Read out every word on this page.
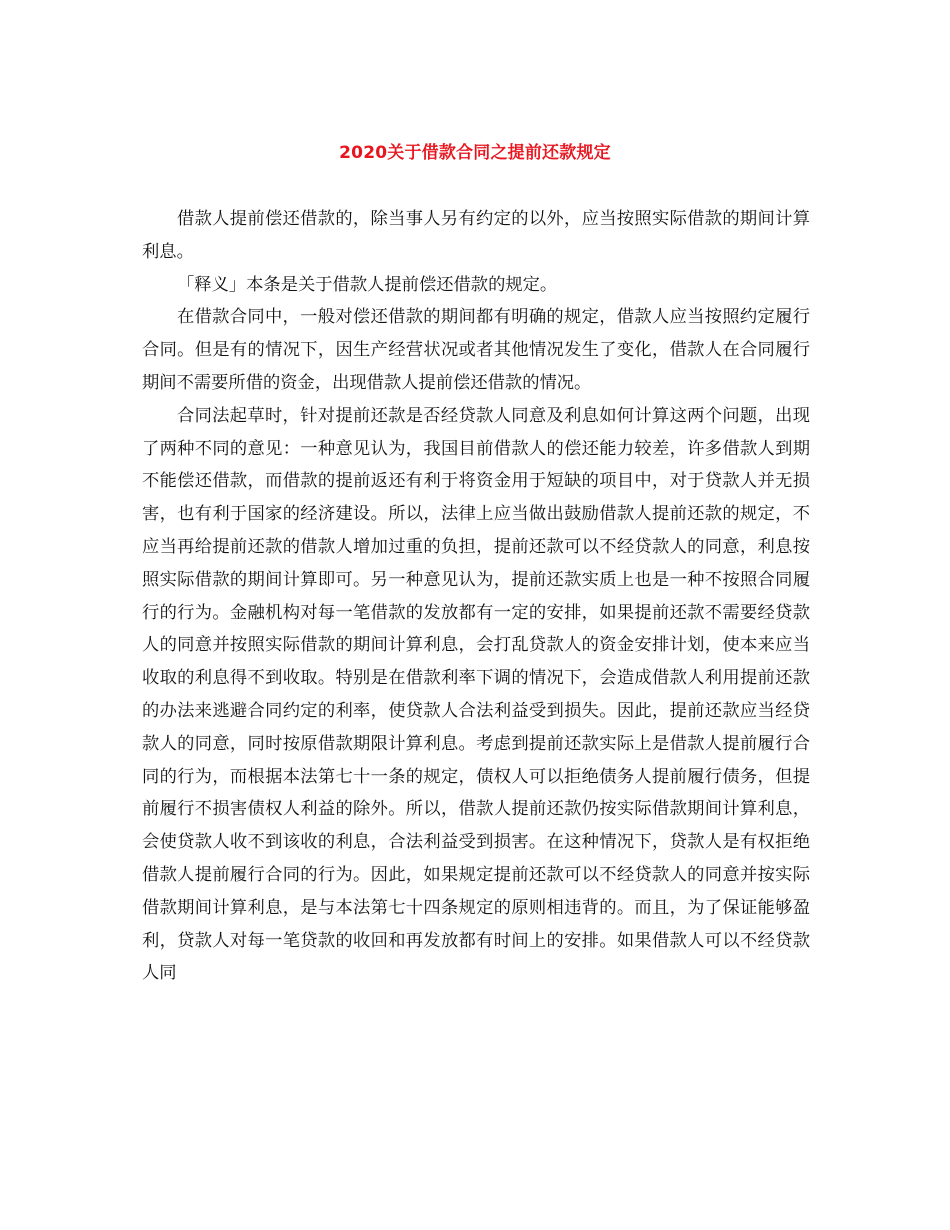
2020关于借款合同之提前还款规定

借款人提前偿还借款的，除当事人另有约定的以外，应当按照实际借款的期间计算利息。

「释义」本条是关于借款人提前偿还借款的规定。

在借款合同中，一般对偿还借款的期间都有明确的规定，借款人应当按照约定履行合同。但是有的情况下，因生产经营状况或者其他情况发生了变化，借款人在合同履行期间不需要所借的资金，出现借款人提前偿还借款的情况。

合同法起草时，针对提前还款是否经贷款人同意及利息如何计算这两个问题，出现了两种不同的意见：一种意见认为，我国目前借款人的偿还能力较差，许多借款人到期不能偿还借款，而借款的提前返还有利于将资金用于短缺的项目中，对于贷款人并无损害，也有利于国家的经济建设。所以，法律上应当做出鼓励借款人提前还款的规定，不应当再给提前还款的借款人增加过重的负担，提前还款可以不经贷款人的同意，利息按照实际借款的期间计算即可。另一种意见认为，提前还款实质上也是一种不按照合同履行的行为。金融机构对每一笔借款的发放都有一定的安排，如果提前还款不需要经贷款人的同意并按照实际借款的期间计算利息，会打乱贷款人的资金安排计划，使本来应当收取的利息得不到收取。特别是在借款利率下调的情况下，会造成借款人利用提前还款的办法来逃避合同约定的利率，使贷款人合法利益受到损失。因此，提前还款应当经贷款人的同意，同时按原借款期限计算利息。考虑到提前还款实际上是借款人提前履行合同的行为，而根据本法第七十一条的规定，债权人可以拒绝债务人提前履行债务，但提前履行不损害债权人利益的除外。所以，借款人提前还款仍按实际借款期间计算利息，会使贷款人收不到该收的利息，合法利益受到损害。在这种情况下，贷款人是有权拒绝借款人提前履行合同的行为。因此，如果规定提前还款可以不经贷款人的同意并按实际借款期间计算利息，是与本法第七十四条规定的原则相违背的。而且，为了保证能够盈利，贷款人对每一笔贷款的收回和再发放都有时间上的安排。如果借款人可以不经贷款人同
